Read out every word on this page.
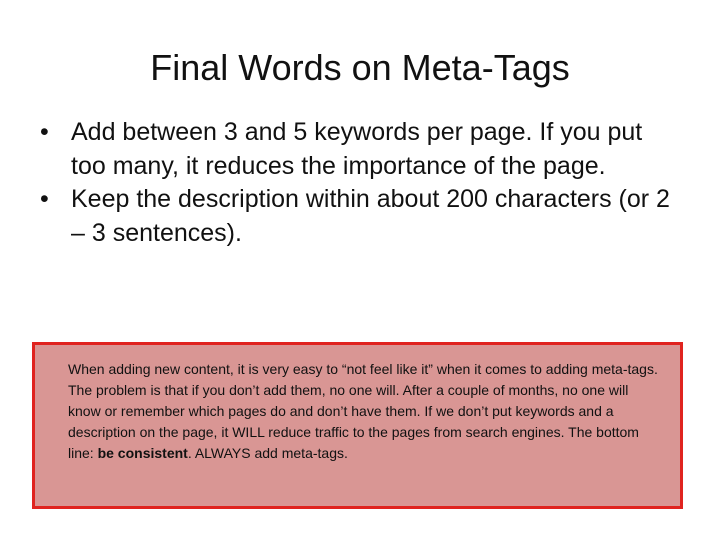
Final Words on Meta-Tags
• Add between 3 and 5 keywords per page. If you put too many, it reduces the importance of the page.
• Keep the description within about 200 characters (or 2 – 3 sentences).

When adding new content, it is very easy to “not feel like it” when it comes to adding meta-tags. The problem is that if you don’t add them, no one will. After a couple of months, no one will know or remember which pages do and don’t have them. If we don’t put keywords and a description on the page, it WILL reduce traffic to the pages from search engines. The bottom line: be consistent. ALWAYS add meta-tags.
